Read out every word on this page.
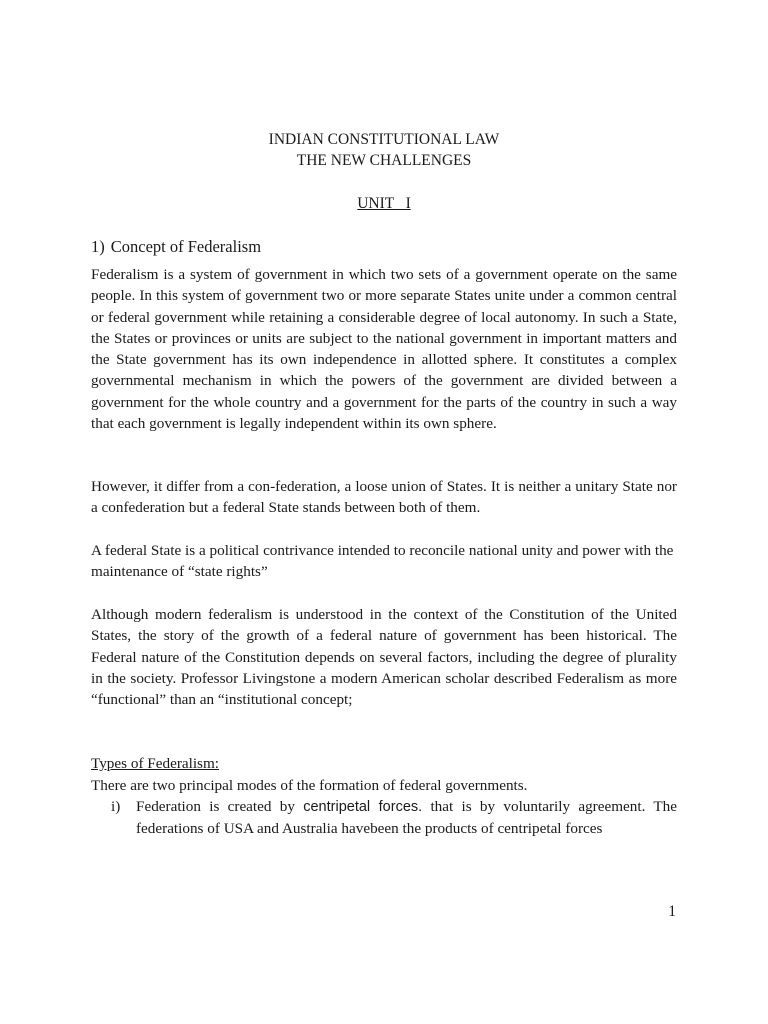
INDIAN CONSTITUTIONAL LAW
THE NEW CHALLENGES
UNIT   I
1) Concept of Federalism

Federalism is a system of government in which two sets of a government operate on the same people. In this system of government two or more separate States unite under a common central or federal government while retaining a considerable degree of local autonomy. In such a State, the States or provinces or units are subject to the national government in important matters and the State government has its own independence in allotted sphere. It constitutes a complex governmental mechanism in which the powers of the government are divided between a government for the whole country and a government for the parts of the country in such a way that each government is legally independent within its own sphere.

However, it differ from a con-federation, a loose union of States. It is neither a unitary State nor a confederation but a federal State stands between both of them.

A federal State is a political contrivance intended to reconcile national unity and power with the maintenance of “state rights”

Although modern federalism is understood in the context of the Constitution of the United States, the story of the growth of a federal nature of government has been historical. The Federal nature of the Constitution depends on several factors, including the degree of plurality in the society. Professor Livingstone a modern American scholar described Federalism as more “functional” than an “institutional concept;

Types of Federalism:

There are two principal modes of the formation of federal governments.

i) Federation is created by centripetal forces. that is by voluntarily agreement. The federations of USA and Australia havebeen the products of centripetal forces
1
